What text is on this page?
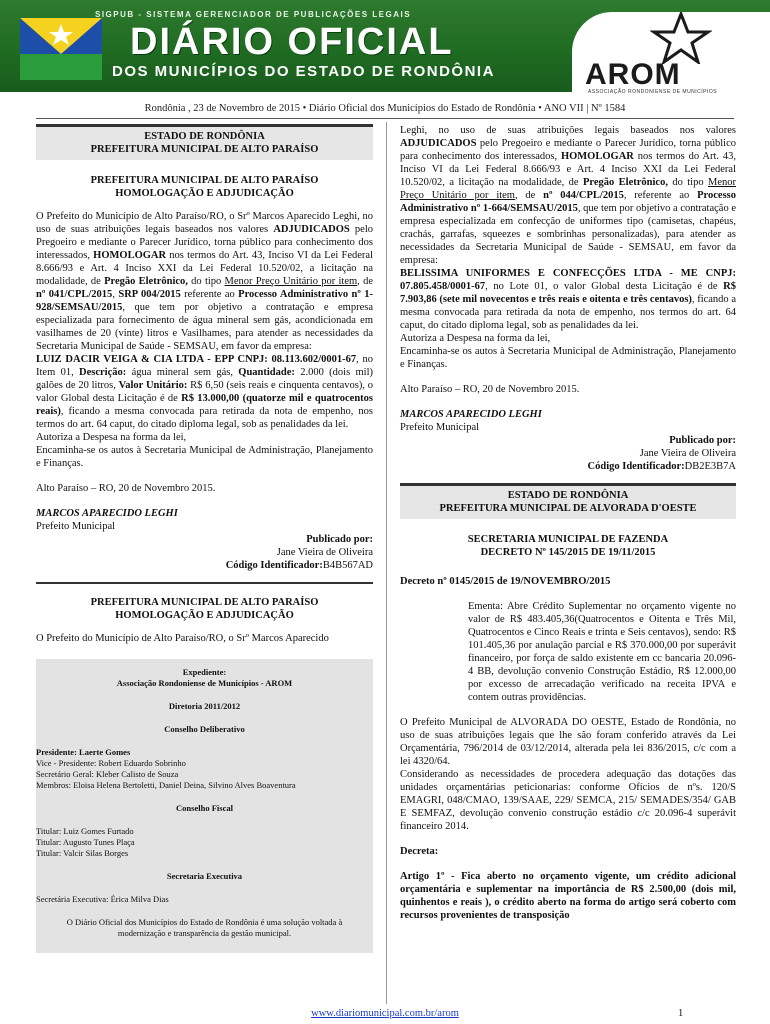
SIGPUB - SISTEMA GERENCIADOR DE PUBLICAÇÕES LEGAIS
DIÁRIO OFICIAL
DOS MUNICÍPIOS DO ESTADO DE RONDÔNIA	AROM
ASSOCIAÇÃO RONDONIENSE DE MUNICÍPIOS
Rondônia , 23 de Novembro de 2015 • Diário Oficial dos Municípios do Estado de Rondônia • ANO VII | Nº 1584
ESTADO DE RONDÔNIA
PREFEITURA MUNICIPAL DE ALTO PARAÍSO
PREFEITURA MUNICIPAL DE ALTO PARAÍSO
HOMOLOGAÇÃO E ADJUDICAÇÃO

O Prefeito do Município de Alto Paraíso/RO, o Srº Marcos Aparecido Leghi, no uso de suas atribuições legais baseados nos valores ADJUDICADOS pelo Pregoeiro e mediante o Parecer Jurídico, torna público para conhecimento dos interessados, HOMOLOGAR nos termos do Art. 43, Inciso VI da Lei Federal 8.666/93 e Art. 4 Inciso XXI da Lei Federal 10.520/02, a licitação na modalidade, de Pregão Eletrônico, do tipo Menor Preço Unitário por item, de nº 041/CPL/2015, SRP 004/2015 referente ao Processo Administrativo nº 1-928/SEMSAU/2015, que tem por objetivo a contratação e empresa especializada para fornecimento de água mineral sem gás, acondicionada em vasilhames de 20 (vinte) litros e Vasilhames, para atender as necessidades da Secretaria Municipal de Saúde - SEMSAU, em favor da empresa:

LUIZ DACIR VEIGA & CIA LTDA - EPP CNPJ: 08.113.602/0001-67, no Item 01, Descrição: água mineral sem gás, Quantidade: 2.000 (dois mil) galões de 20 litros, Valor Unitário: R$ 6,50 (seis reais e cinquenta centavos), o valor Global desta Licitação é de R$ 13.000,00 (quatorze mil e quatrocentos reais), ficando a mesma convocada para retirada da nota de empenho, nos termos do art. 64 caput, do citado diploma legal, sob as penalidades da lei.

Autoriza a Despesa na forma da lei,

Encaminha-se os autos à Secretaria Municipal de Administração, Planejamento e Finanças.

Alto Paraíso – RO, 20 de Novembro 2015.

MARCOS APARECIDO LEGHI

Prefeito Municipal

Publicado por:

Jane Vieira de Oliveira

Código Identificador:B4B567AD

PREFEITURA MUNICIPAL DE ALTO PARAÍSO
HOMOLOGAÇÃO E ADJUDICAÇÃO

O Prefeito do Município de Alto Paraíso/RO, o Srº Marcos Aparecido

Expediente:
Associação Rondoniense de Municípios - AROM
Diretoria 2011/2012
Conselho Deliberativo
Presidente: Laerte Gomes
Vice - Presidente: Robert Eduardo Sobrinho
Secretário Geral: Kleber Calisto de Souza
Membros: Eloisa Helena Bertoletti, Daniel Deina, Silvino Alves Boaventura
Conselho Fiscal
Titular: Luiz Gomes Furtado
Titular: Augusto Tunes Plaça
Titular: Valcir Silas Borges
Secretaria Executiva
Secretária Executiva: Érica Milva Dias
O Diário Oficial dos Municípios do Estado de Rondônia é uma solução voltada à modernização e transparência da gestão municipal.

Leghi, no uso de suas atribuições legais baseados nos valores ADJUDICADOS pelo Pregoeiro e mediante o Parecer Jurídico, torna público para conhecimento dos interessados, HOMOLOGAR nos termos do Art. 43, Inciso VI da Lei Federal 8.666/93 e Art. 4 Inciso XXI da Lei Federal 10.520/02, a licitação na modalidade, de Pregão Eletrônico, do tipo Menor Preço Unitário por item, de nº 044/CPL/2015, referente ao Processo Administrativo nº 1-664/SEMSAU/2015, que tem por objetivo a contratação e empresa especializada em confecção de uniformes tipo (camisetas, chapéus, crachás, garrafas, squeezes e sombrinhas personalizadas), para atender as necessidades da Secretaria Municipal de Saúde - SEMSAU, em favor da empresa:

BELISSIMA UNIFORMES E CONFECÇÕES LTDA - ME CNPJ: 07.805.458/0001-67, no Lote 01, o valor Global desta Licitação é de R$ 7.903,86 (sete mil novecentos e três reais e oitenta e três centavos), ficando a mesma convocada para retirada da nota de empenho, nos termos do art. 64 caput, do citado diploma legal, sob as penalidades da lei.

Autoriza a Despesa na forma da lei,

Encaminha-se os autos à Secretaria Municipal de Administração, Planejamento e Finanças.

Alto Paraíso – RO, 20 de Novembro 2015.

MARCOS APARECIDO LEGHI

Prefeito Municipal

Publicado por:

Jane Vieira de Oliveira

Código Identificador:DB2E3B7A

ESTADO DE RONDÔNIA
PREFEITURA MUNICIPAL DE ALVORADA D'OESTE
SECRETARIA MUNICIPAL DE FAZENDA
DECRETO Nº 145/2015 DE 19/11/2015

Decreto nº 0145/2015 de 19/NOVEMBRO/2015

Ementa: Abre Crédito Suplementar no orçamento vigente no valor de R$ 483.405,36(Quatrocentos e Oitenta e Três Mil, Quatrocentos e Cinco Reais e trinta e Seis centavos), sendo: R$ 101.405,36 por anulação parcial e R$ 370.000,00 por superávit financeiro, por força de saldo existente em cc bancaria 20.096-4 BB, devolução convenio Construção Estádio, R$ 12.000,00 por excesso de arrecadação verificado na receita IPVA e contem outras providências.

O Prefeito Municipal de ALVORADA DO OESTE, Estado de Rondônia, no uso de suas atribuições legais que lhe são foram conferido através da Lei Orçamentária, 796/2014 de 03/12/2014, alterada pela lei 836/2015, c/c com a lei 4320/64.

Considerando as necessidades de procedera adequação das dotações das unidades orçamentárias peticionarias: conforme Ofícios de nºs. 120/S EMAGRI, 048/CMAO, 139/SAAE, 229/ SEMCA, 215/ SEMADES/354/ GAB E SEMFAZ, devolução convenio construção estádio c/c 20.096-4 superávit financeiro 2014.

Decreta:

Artigo 1º - Fica aberto no orçamento vigente, um crédito adicional orçamentária e suplementar na importância de R$ 2.500,00 (dois mil, quinhentos e reais ), o crédito aberto na forma do artigo será coberto com recursos provenientes de transposição

www.diariomunicipal.com.br/arom	1
